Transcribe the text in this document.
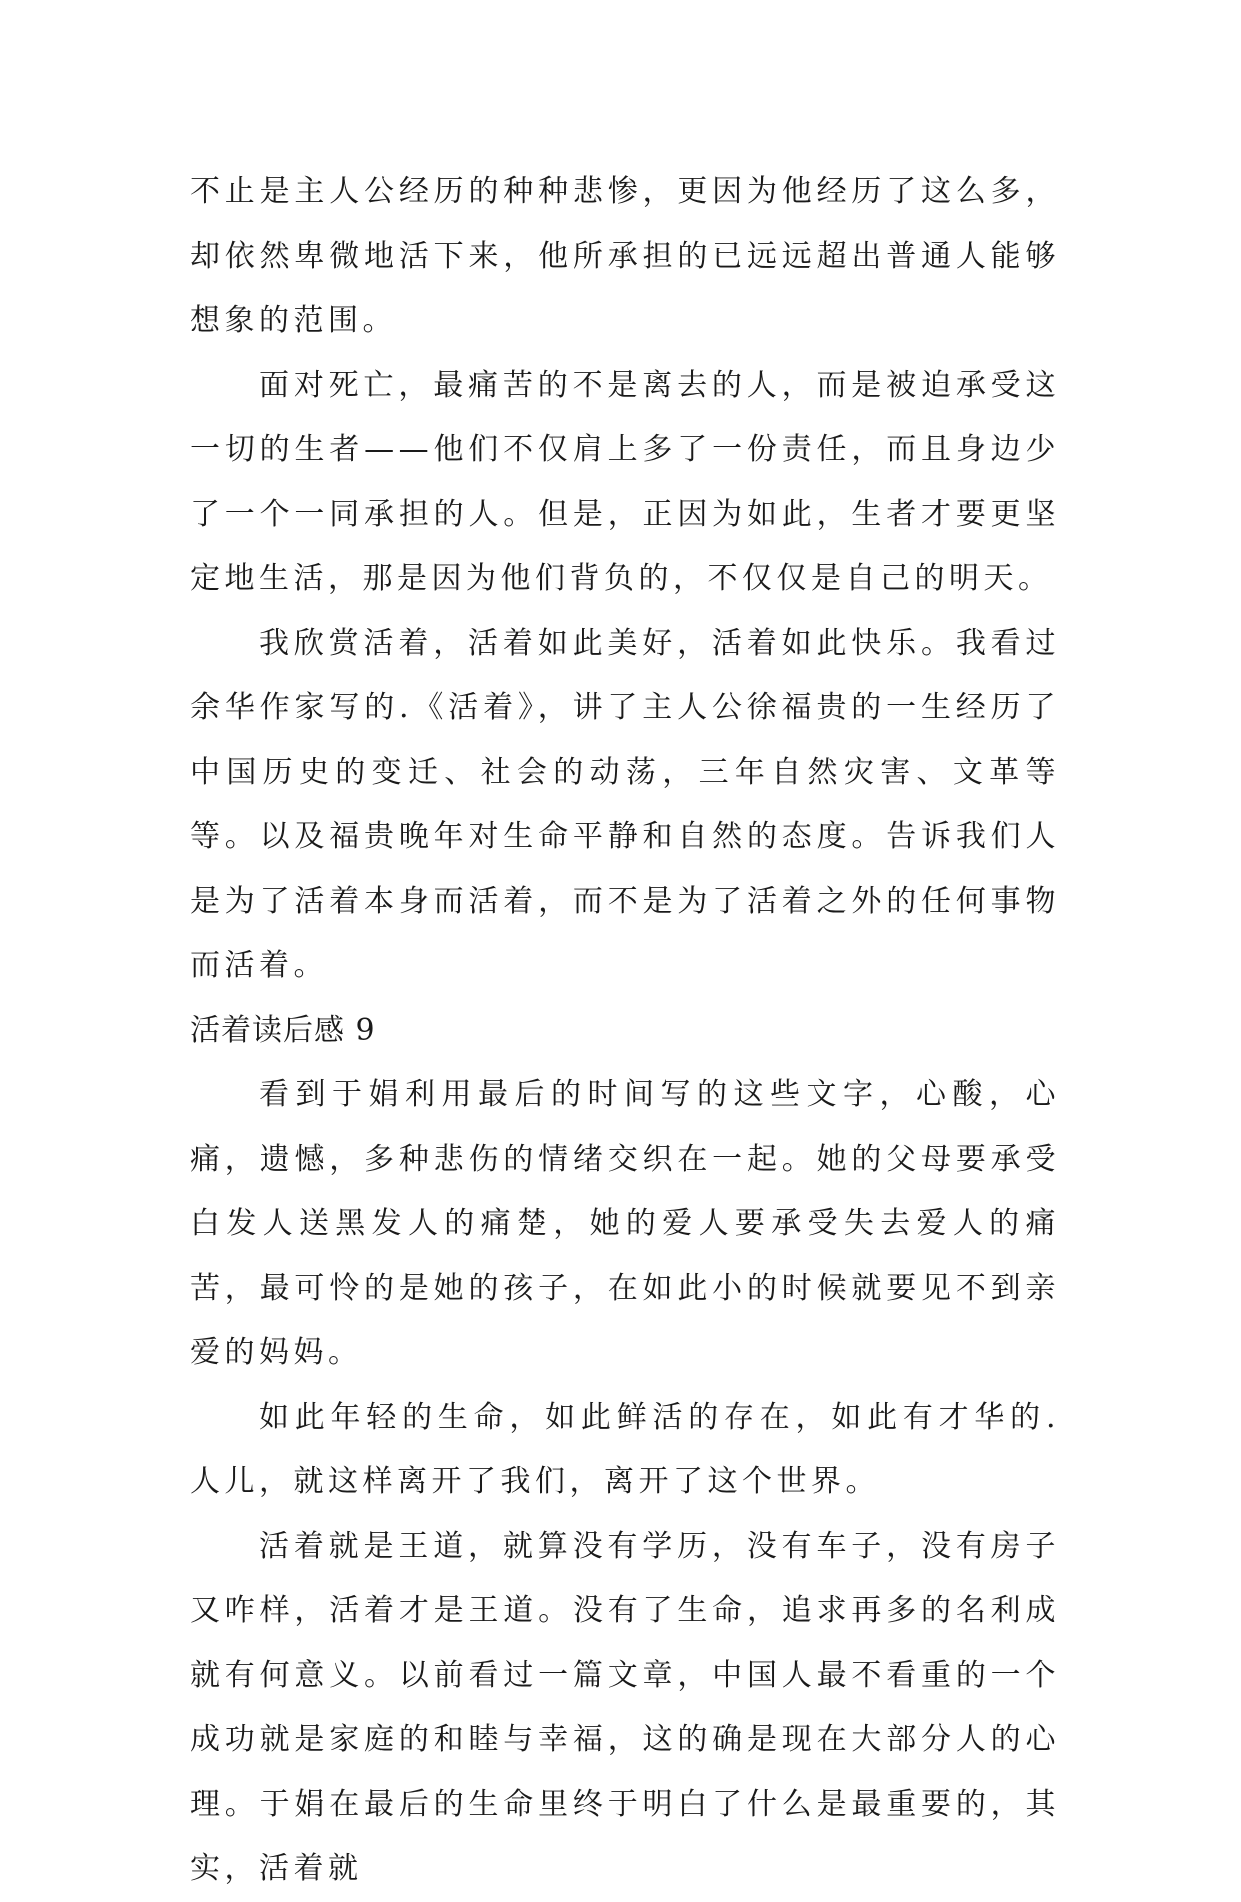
不止是主人公经历的种种悲惨，更因为他经历了这么多，却依然卑微地活下来，他所承担的已远远超出普通人能够想象的范围。

面对死亡，最痛苦的不是离去的人，而是被迫承受这一切的生者——他们不仅肩上多了一份责任，而且身边少了一个一同承担的人。但是，正因为如此，生者才要更坚定地生活，那是因为他们背负的，不仅仅是自己的明天。

我欣赏活着，活着如此美好，活着如此快乐。我看过余华作家写的.《活着》，讲了主人公徐福贵的一生经历了中国历史的变迁、社会的动荡，三年自然灾害、文革等等。以及福贵晚年对生命平静和自然的态度。告诉我们人是为了活着本身而活着，而不是为了活着之外的任何事物而活着。

活着读后感 9

看到于娟利用最后的时间写的这些文字，心酸，心痛，遗憾，多种悲伤的情绪交织在一起。她的父母要承受白发人送黑发人的痛楚，她的爱人要承受失去爱人的痛苦，最可怜的是她的孩子，在如此小的时候就要见不到亲爱的妈妈。

如此年轻的生命，如此鲜活的存在，如此有才华的.人儿，就这样离开了我们，离开了这个世界。

活着就是王道，就算没有学历，没有车子，没有房子又咋样，活着才是王道。没有了生命，追求再多的名利成就有何意义。以前看过一篇文章，中国人最不看重的一个成功就是家庭的和睦与幸福，这的确是现在大部分人的心理。于娟在最后的生命里终于明白了什么是最重要的，其实，活着就
